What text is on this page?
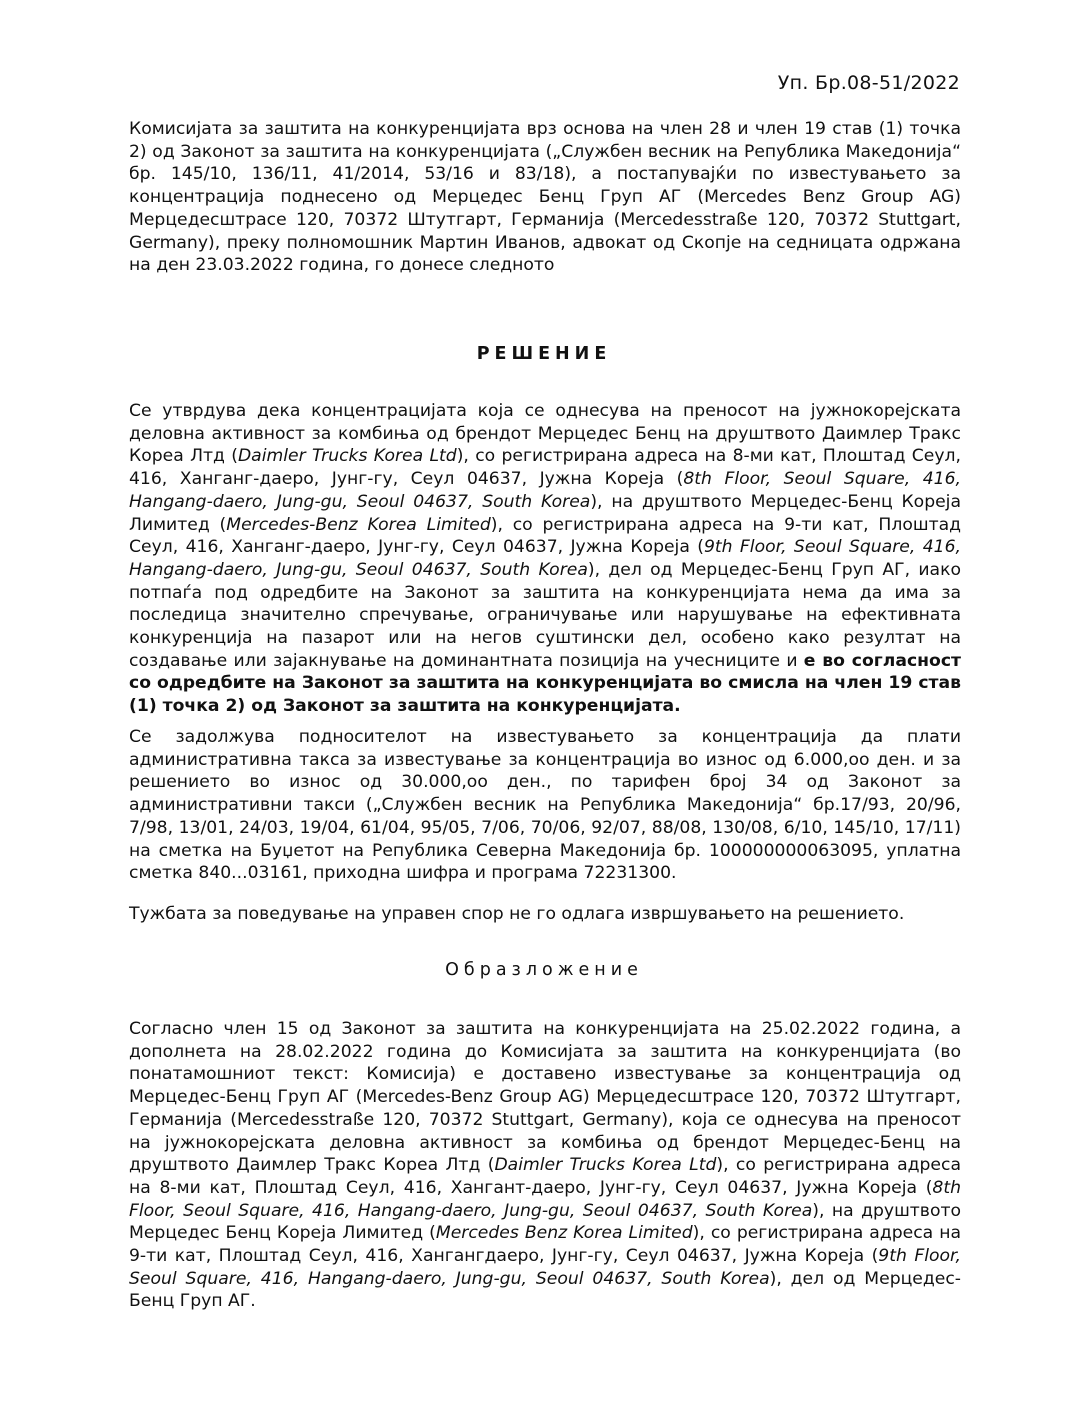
Уп. Бр.08-51/2022

Комисијата за заштита на конкуренцијата врз основа на член 28 и член 19 став (1) точка 2) од Законот за заштита на конкуренцијата („Службен весник на Република Македонија“ бр. 145/10, 136/11, 41/2014, 53/16 и 83/18), а постапувајќи по известувањето за концентрација поднесено од Мерцедес Бенц Груп АГ (Mercedes Benz Group AG) Мерцедесштрасе 120, 70372 Штутгарт, Германија (Mercedesstraße 120, 70372 Stuttgart, Germany), преку полномошник Мартин Иванов, адвокат од Скопје на седницата одржана на ден 23.03.2022 година, го донесе следното

РЕШЕНИЕ

Се утврдува дека концентрацијата која се однесува на преносот на јужнокорејската деловна активност за комбиња од брендот Мерцедес Бенц на друштвото Даимлер Тракс Кореа Лтд (Daimler Trucks Korea Ltd), со регистрирана адреса на 8-ми кат, Плоштад Сеул, 416, Ханганг-даеро, Јунг-гу, Сеул 04637, Јужна Кореја (8th Floor, Seoul Square, 416, Hangang-daero, Jung-gu, Seoul 04637, South Korea), на друштвото Мерцедес-Бенц Кореја Лимитед (Mercedes-Benz Korea Limited), со регистрирана адреса на 9-ти кат, Плоштад Сеул, 416, Ханганг-даеро, Јунг-гу, Сеул 04637, Јужна Кореја (9th Floor, Seoul Square, 416, Hangang-daero, Jung-gu, Seoul 04637, South Korea), дел од Мерцедес-Бенц Груп АГ, иако потпаѓа под одредбите на Законот за заштита на конкуренцијата нема да има за последица значително спречување, ограничување или нарушување на ефективната конкуренција на пазарот или на негов суштински дел, особено како резултат на создавање или зајакнување на доминантната позиција на учесниците и е во согласност со одредбите на Законот за заштита на конкуренцијата во смисла на член 19 став (1) точка 2) од Законот за заштита на конкуренцијата.

Се задолжува подносителот на известувањето за концентрација да плати административна такса за известување за концентрација во износ од 6.000,оо ден. и за решението во износ од 30.000,оо ден., по тарифен број 34 од Законот за административни такси („Службен весник на Република Македонија“ бр.17/93, 20/96, 7/98, 13/01, 24/03, 19/04, 61/04, 95/05, 7/06, 70/06, 92/07, 88/08, 130/08, 6/10, 145/10, 17/11) на сметка на Буџетот на Република Северна Македонија бр. 100000000063095, уплатна сметка 840...03161, приходна шифра и програма 72231300.

Тужбата за поведување на управен спор не го одлага извршувањето на решението.

Образложение

Согласно член 15 од Законот за заштита на конкуренцијата на 25.02.2022 година, а дополнета на 28.02.2022 година до Комисијата за заштита на конкуренцијата (во понатамошниот текст: Комисија) е доставено известување за концентрација од Мерцедес-Бенц Груп АГ (Mercedes-Benz Group AG) Мерцедесштрасе 120, 70372 Штутгарт, Германија (Mercedesstraße 120, 70372 Stuttgart, Germany), која се однесува на преносот на јужнокорејската деловна активност за комбиња од брендот Мерцедес-Бенц на друштвото Даимлер Тракс Кореа Лтд (Daimler Trucks Korea Ltd), со регистрирана адреса на 8-ми кат, Плоштад Сеул, 416, Хангант-даеро, Јунг-гу, Сеул 04637, Јужна Кореја (8th Floor, Seoul Square, 416, Hangang-daero, Jung-gu, Seoul 04637, South Korea), на друштвото Мерцедес Бенц Кореја Лимитед (Mercedes Benz Korea Limited), со регистрирана адреса на 9-ти кат, Плоштад Сеул, 416, Хангангдаеро, Јунг-гу, Сеул 04637, Јужна Кореја (9th Floor, Seoul Square, 416, Hangang-daero, Jung-gu, Seoul 04637, South Korea), дел од Мерцедес-Бенц Груп АГ.
